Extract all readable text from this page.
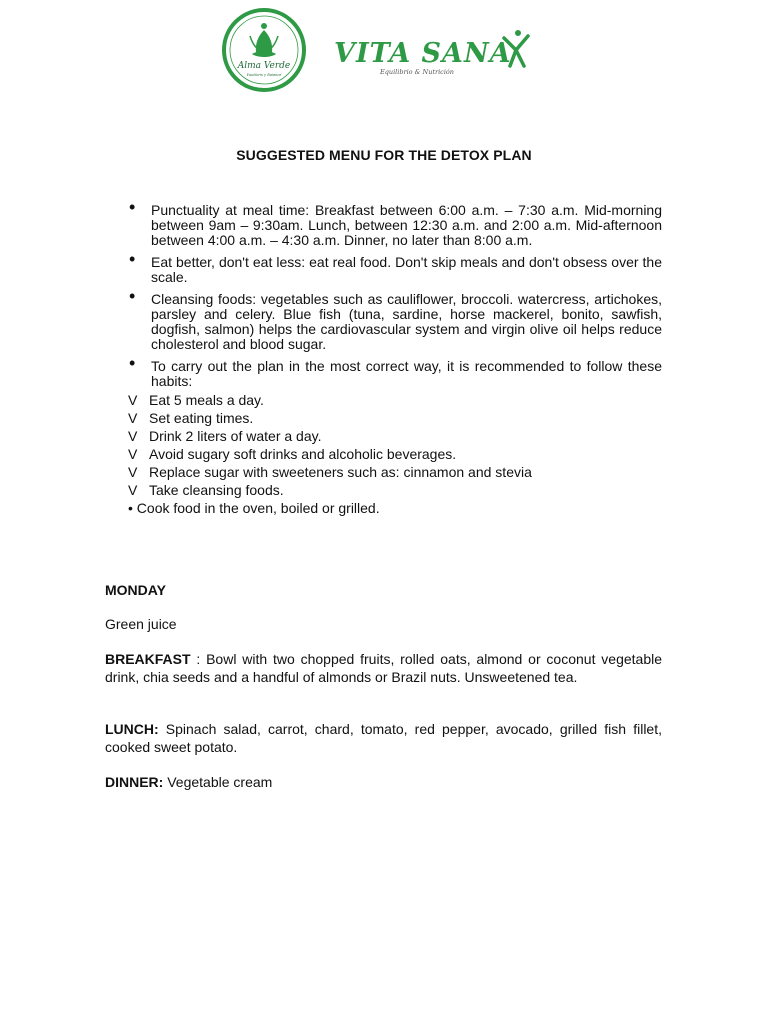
Alma Verde
Equilibrio y Balance
VITA SANA
Equilibrio & Nutrición
SUGGESTED MENU FOR THE DETOX PLAN
• Punctuality at meal time: Breakfast between 6:00 a.m. – 7:30 a.m. Mid-morning between 9am – 9:30am. Lunch, between 12:30 a.m. and 2:00 a.m. Mid-afternoon between 4:00 a.m. – 4:30 a.m. Dinner, no later than 8:00 a.m.
• Eat better, don't eat less: eat real food. Don't skip meals and don't obsess over the scale.
• Cleansing foods: vegetables such as cauliflower, broccoli. watercress, artichokes, parsley and celery. Blue fish (tuna, sardine, horse mackerel, bonito, sawfish, dogfish, salmon) helps the cardiovascular system and virgin olive oil helps reduce cholesterol and blood sugar.
• To carry out the plan in the most correct way, it is recommended to follow these habits:
V Eat 5 meals a day.
V Set eating times.
V Drink 2 liters of water a day.
V Avoid sugary soft drinks and alcoholic beverages.
V Replace sugar with sweeteners such as: cinnamon and stevia
V Take cleansing foods.
• Cook food in the oven, boiled or grilled.
MONDAY
Green juice
BREAKFAST : Bowl with two chopped fruits, rolled oats, almond or coconut vegetable drink, chia seeds and a handful of almonds or Brazil nuts. Unsweetened tea.
LUNCH: Spinach salad, carrot, chard, tomato, red pepper, avocado, grilled fish fillet, cooked sweet potato.
DINNER: Vegetable cream
